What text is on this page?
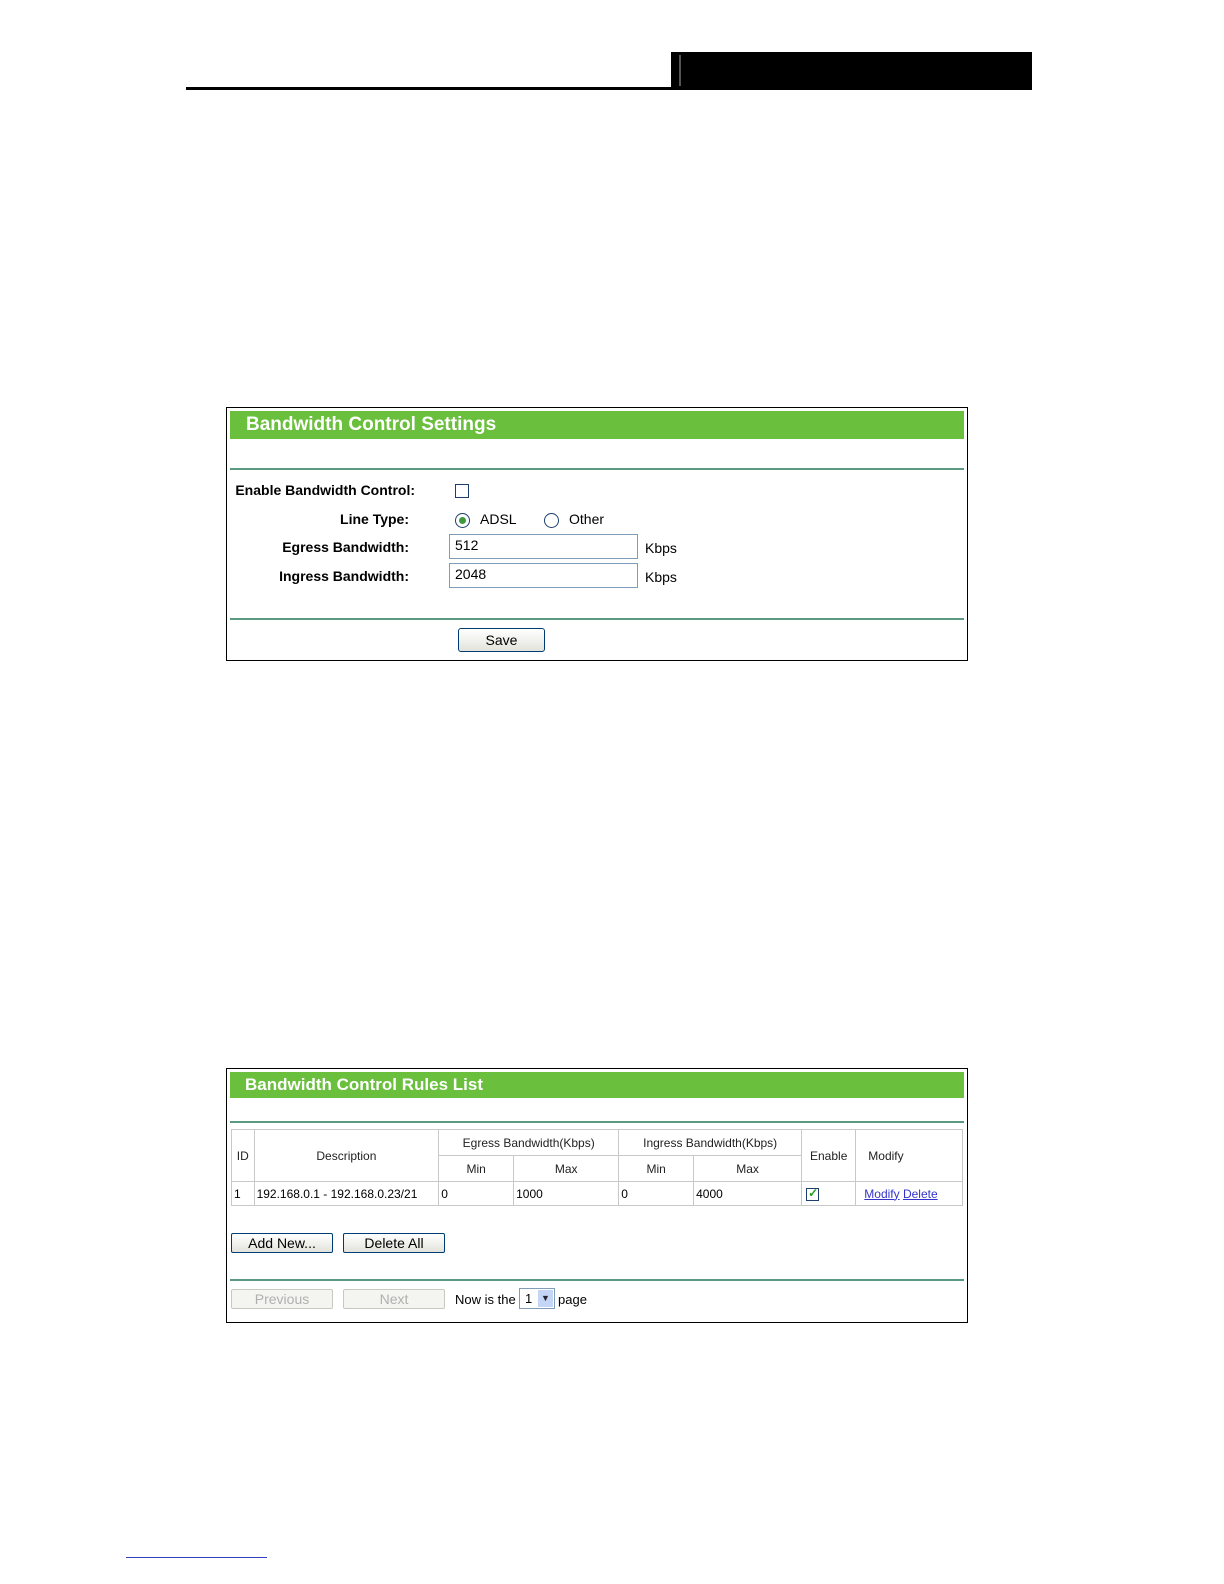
Bandwidth Control Settings
Enable Bandwidth Control:
Line Type:	ADSL	Other
Egress Bandwidth:	512	Kbps
Ingress Bandwidth:	2048	Kbps
Save
Bandwidth Control Rules List
ID	Description	Egress Bandwidth(Kbps)		Ingress Bandwidth(Kbps)		Enable	Modify
		Min	Max	Min	Max		
1	192.168.0.1 - 192.168.0.23/21	0	1000	0	4000	✓	Modify Delete
Add New...	Delete All
Previous	Next	Now is the 1 ▼ page
